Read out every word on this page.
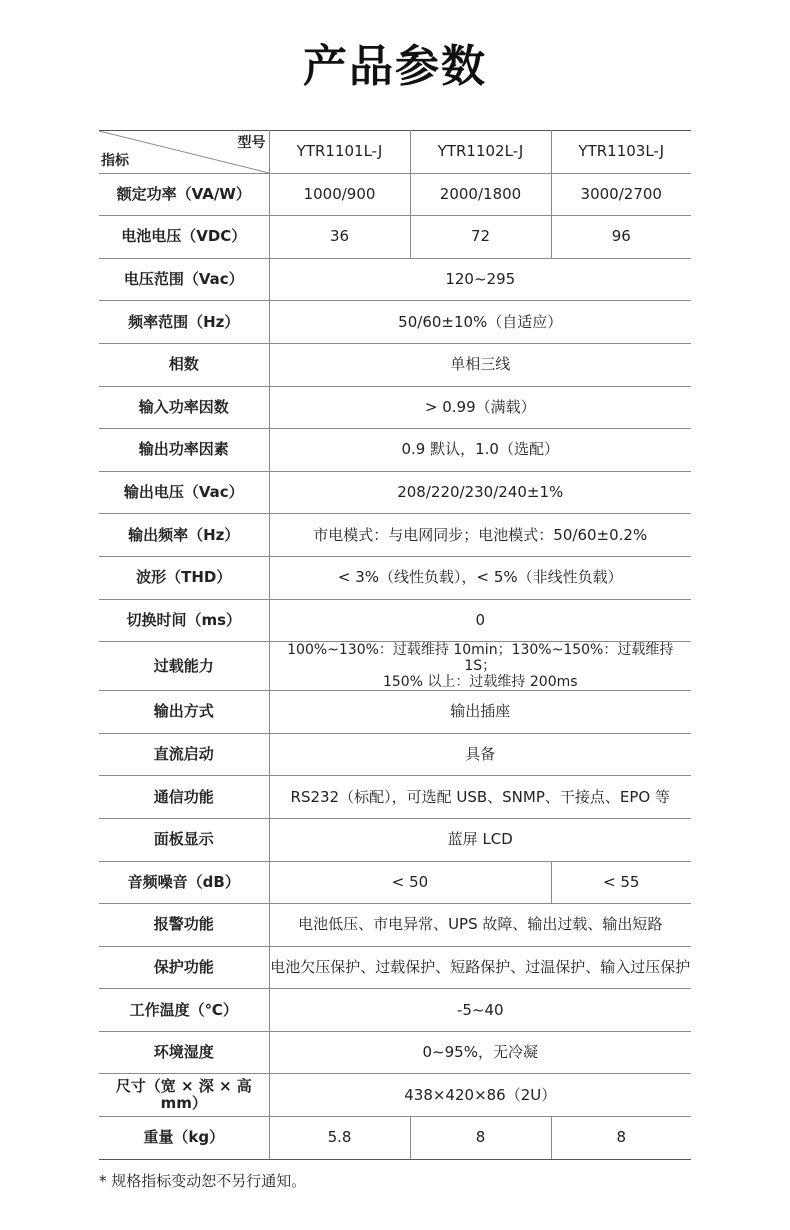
产品参数
型号
指标	YTR1101L-J	YTR1102L-J	YTR1103L-J
额定功率（VA/W）	1000/900	2000/1800	3000/2700
电池电压（VDC）	36	72	96
电压范围（Vac）	120~295		
频率范围（Hz）	50/60±10%（自适应）		
相数	单相三线		
输入功率因数	> 0.99（满载）		
输出功率因素	0.9 默认，1.0（选配）		
输出电压（Vac）	208/220/230/240±1%		
输出频率（Hz）	市电模式：与电网同步；电池模式：50/60±0.2%		
波形（THD）	< 3%（线性负载），< 5%（非线性负载）		
切换时间（ms）	0		
过载能力	100%~130%：过载维持 10min；130%~150%：过载维持 1S；
150% 以上：过载维持 200ms		

输出方式	输出插座		
直流启动	具备		
通信功能	RS232（标配），可选配 USB、SNMP、干接点、EPO 等		
面板显示	蓝屏 LCD		
音频噪音（dB）	< 50		< 55
报警功能	电池低压、市电异常、UPS 故障、输出过载、输出短路		
保护功能	电池欠压保护、过载保护、短路保护、过温保护、输入过压保护		
工作温度（℃）	-5~40		
环境湿度	0~95%，无冷凝		
尺寸（宽 × 深 × 高 mm）	438×420×86（2U）		
重量（kg）	5.8	8	8
* 规格指标变动恕不另行通知。
